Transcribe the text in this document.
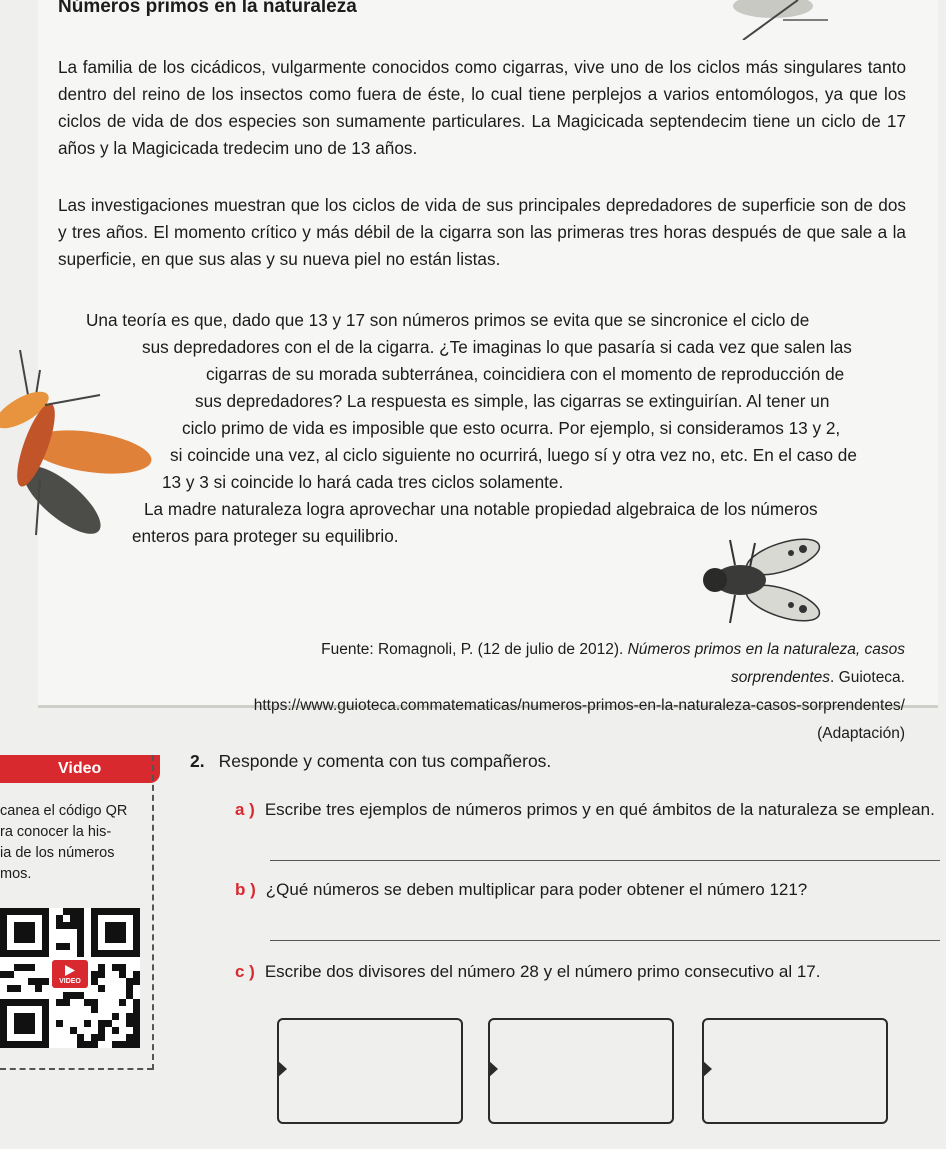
Números primos en la naturaleza
La familia de los cicádicos, vulgarmente conocidos como cigarras, vive uno de los ciclos más singulares tanto dentro del reino de los insectos como fuera de éste, lo cual tiene perplejos a varios entomólogos, ya que los ciclos de vida de dos especies son sumamente particulares. La Magicicada septendecim tiene un ciclo de 17 años y la Magicicada tredecim uno de 13 años.
Las investigaciones muestran que los ciclos de vida de sus principales depredadores de superficie son de dos y tres años. El momento crítico y más débil de la cigarra son las primeras tres horas después de que sale a la superficie, en que sus alas y su nueva piel no están listas.
Una teoría es que, dado que 13 y 17 son números primos se evita que se sincronice el ciclo de
sus depredadores con el de la cigarra. ¿Te imaginas lo que pasaría si cada vez que salen las
cigarras de su morada subterránea, coincidiera con el momento de reproducción de
sus depredadores? La respuesta es simple, las cigarras se extinguirían. Al tener un
ciclo primo de vida es imposible que esto ocurra. Por ejemplo, si consideramos 13 y 2,
si coincide una vez, al ciclo siguiente no ocurrirá, luego sí y otra vez no, etc. En el caso de
13 y 3 si coincide lo hará cada tres ciclos solamente.
La madre naturaleza logra aprovechar una notable propiedad algebraica de los números
enteros para proteger su equilibrio.
Fuente: Romagnoli, P. (12 de julio de 2012). Números primos en la naturaleza, casos sorprendentes. Guioteca.
https://www.guioteca.commatematicas/numeros-primos-en-la-naturaleza-casos-sorprendentes/ (Adaptación)
Video
canea el código QR
ra conocer la his-
ia de los números
mos.
VIDEO
2. Responde y comenta con tus compañeros.
a ) Escribe tres ejemplos de números primos y en qué ámbitos de la naturaleza se emplean.
b ) ¿Qué números se deben multiplicar para poder obtener el número 121?
c ) Escribe dos divisores del número 28 y el número primo consecutivo al 17.
